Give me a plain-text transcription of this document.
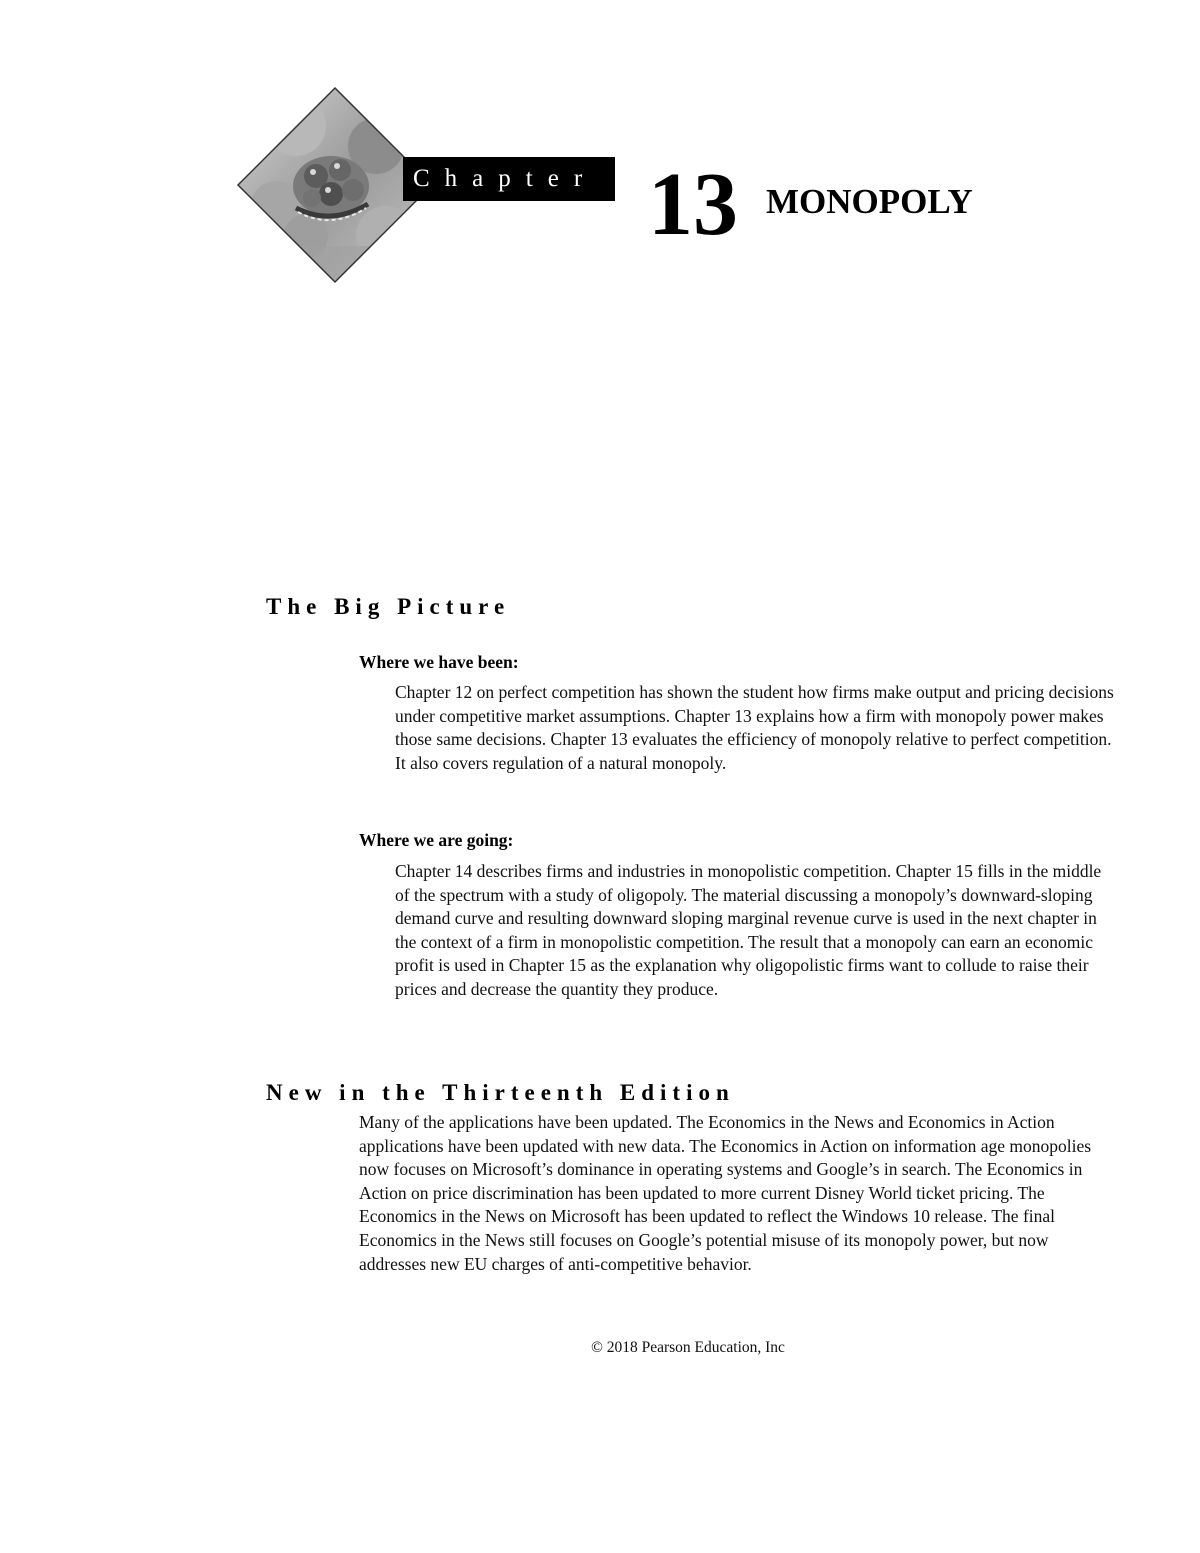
Chapter 13 MONOPOLY
The Big Picture
Where we have been:

Chapter 12 on perfect competition has shown the student how firms make output and pricing decisions under competitive market assumptions. Chapter 13 explains how a firm with monopoly power makes those same decisions. Chapter 13 evaluates the efficiency of monopoly relative to perfect competition. It also covers regulation of a natural monopoly.

Where we are going:

Chapter 14 describes firms and industries in monopolistic competition. Chapter 15 fills in the middle of the spectrum with a study of oligopoly. The material discussing a monopoly’s downward-sloping demand curve and resulting downward sloping marginal revenue curve is used in the next chapter in the context of a firm in monopolistic competition. The result that a monopoly can earn an economic profit is used in Chapter 15 as the explanation why oligopolistic firms want to collude to raise their prices and decrease the quantity they produce.

New in the Thirteenth Edition

Many of the applications have been updated. The Economics in the News and Economics in Action applications have been updated with new data. The Economics in Action on information age monopolies now focuses on Microsoft’s dominance in operating systems and Google’s in search. The Economics in Action on price discrimination has been updated to more current Disney World ticket pricing. The Economics in the News on Microsoft has been updated to reflect the Windows 10 release. The final Economics in the News still focuses on Google’s potential misuse of its monopoly power, but now addresses new EU charges of anti-competitive behavior.

© 2018 Pearson Education, Inc
